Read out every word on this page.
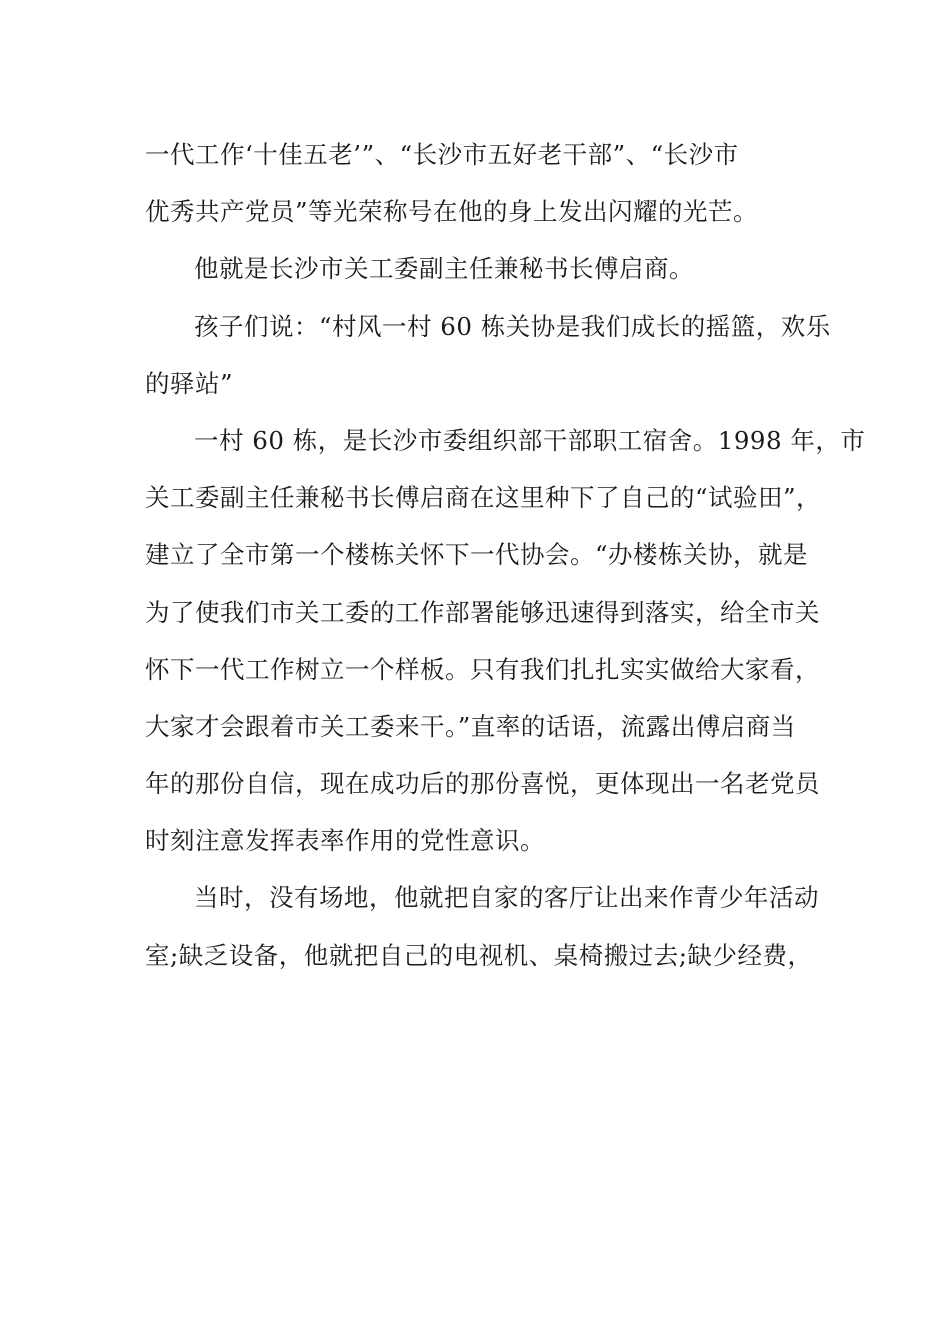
一代工作‘十佳五老’”、“长沙市五好老干部”、“长沙市
优秀共产党员”等光荣称号在他的身上发出闪耀的光芒。
他就是长沙市关工委副主任兼秘书长傅启商。
孩子们说：“村风一村 60 栋关协是我们成长的摇篮，欢乐
的驿站”
一村 60 栋，是长沙市委组织部干部职工宿舍。1998 年，市
关工委副主任兼秘书长傅启商在这里种下了自己的“试验田”，
建立了全市第一个楼栋关怀下一代协会。“办楼栋关协，就是
为了使我们市关工委的工作部署能够迅速得到落实，给全市关
怀下一代工作树立一个样板。只有我们扎扎实实做给大家看，
大家才会跟着市关工委来干。”直率的话语，流露出傅启商当
年的那份自信，现在成功后的那份喜悦，更体现出一名老党员
时刻注意发挥表率作用的党性意识。
当时，没有场地，他就把自家的客厅让出来作青少年活动
室;缺乏设备，他就把自己的电视机、桌椅搬过去;缺少经费，
